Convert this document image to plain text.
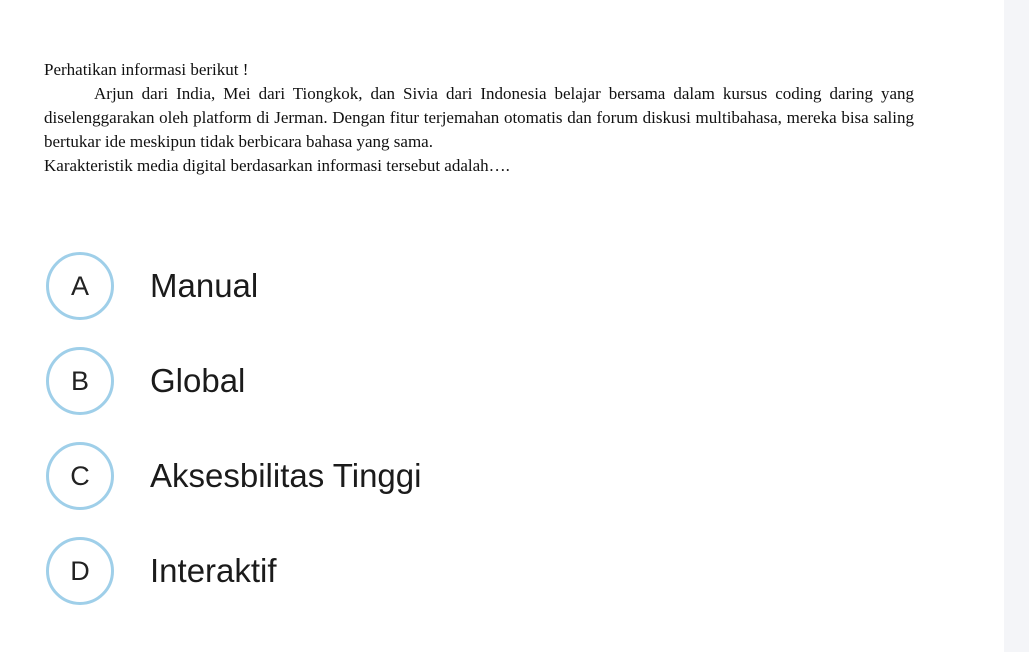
Perhatikan informasi berikut !

Arjun dari India, Mei dari Tiongkok, dan Sivia dari Indonesia belajar bersama dalam kursus coding daring yang diselenggarakan oleh platform di Jerman. Dengan fitur terjemahan otomatis dan forum diskusi multibahasa, mereka bisa saling bertukar ide meskipun tidak berbicara bahasa yang sama.

Karakteristik media digital berdasarkan informasi tersebut adalah….

A	Manual
B	Global
C	Aksesbilitas Tinggi
D	Interaktif
